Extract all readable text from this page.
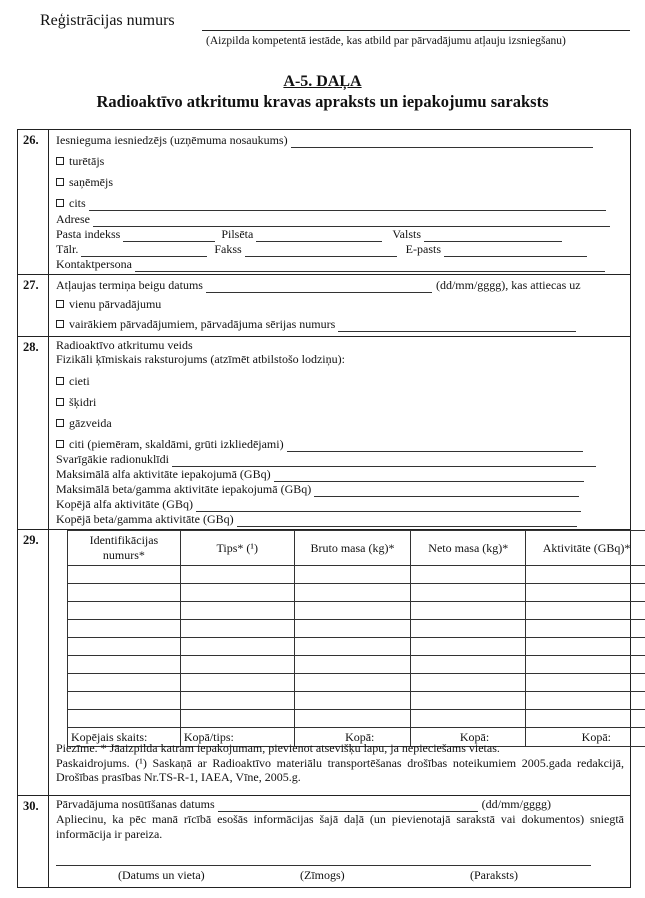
Reģistrācijas numurs
(Aizpilda kompetentā iestāde, kas atbild par pārvadājumu atļauju izsniegšanu)
A-5. DAĻA
Radioaktīvo atkritumu kravas apraksts un iepakojumu saraksts
26.	Iesnieguma iesniedzējs (uzņēmuma nosaukums)
turētājs
saņēmējs
cits
Adrese
Pasta indekss	Pilsēta	Valsts
Tālr.	Fakss	E-pasts
Kontaktpersona
27.	Atļaujas termiņa beigu datums	(dd/mm/gggg), kas attiecas uz
vienu pārvadājumu
vairākiem pārvadājumiem, pārvadājuma sērijas numurs
28.	Radioaktīvo atkritumu veids
Fizikāli ķīmiskais raksturojums (atzīmēt atbilstošo lodziņu):
cieti
šķidri
gāzveida
citi (piemēram, skaldāmi, grūti izkliedējami)
Svarīgākie radionuklīdi
Maksimālā alfa aktivitāte iepakojumā (GBq)
Maksimālā beta/gamma aktivitāte iepakojumā (GBq)
Kopējā alfa aktivitāte (GBq)
Kopējā beta/gamma aktivitāte (GBq)
29.	Identifikācijas numurs*	Tips* (¹)	Bruto masa (kg)*	Neto masa (kg)*	Aktivitāte (GBq)*

Kopējais skaits:	Kopā/tips:	Kopā:	Kopā:	Kopā:
Piezīme. * Jāaizpilda katram iepakojumam, pievienot atsevišķu lapu, ja nepieciešams vietas.
Paskaidrojums. (¹) Saskaņā ar Radioaktīvo materiālu transportēšanas drošības noteikumiem 2005.gada redakcijā, Drošības prasības Nr.TS-R-1, IAEA, Vīne, 2005.g.
30.	Pārvadājuma nosūtīšanas datums	(dd/mm/gggg)
Apliecinu, ka pēc manā rīcībā esošās informācijas šajā daļā (un pievienotajā sarakstā vai dokumentos) sniegtā informācija ir pareiza.
(Datums un vieta)	(Zīmogs)	(Paraksts)
